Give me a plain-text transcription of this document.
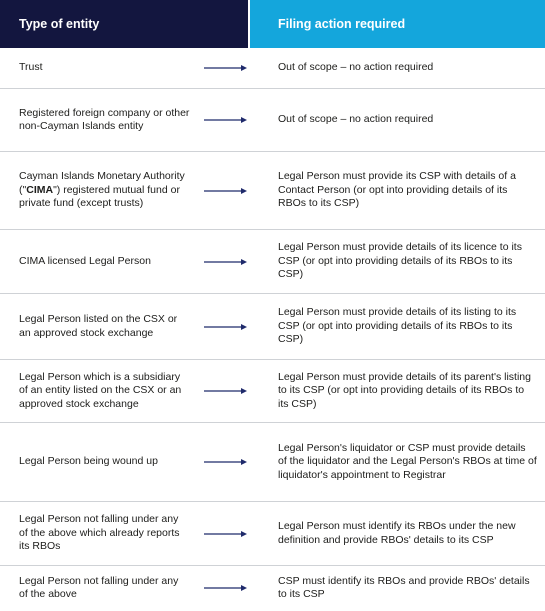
Type of entity	Filing action required
Trust	Out of scope – no action required
Registered foreign company or other non-Cayman Islands entity
Out of scope – no action required
Cayman Islands Monetary Authority ("CIMA") registered mutual fund or private fund (except trusts)
Legal Person must provide its CSP with details of a Contact Person (or opt into providing details of its RBOs to its CSP)
CIMA licensed Legal Person
Legal Person must provide details of its licence to its CSP (or opt into providing details of its RBOs to its CSP)
Legal Person listed on the CSX or an approved stock exchange
Legal Person must provide details of its listing to its CSP (or opt into providing details of its RBOs to its CSP)
Legal Person which is a subsidiary of an entity listed on the CSX or an approved stock exchange
Legal Person must provide details of its parent's listing to its CSP (or opt into providing details of its RBOs to its CSP)
Legal Person being wound up
Legal Person's liquidator or CSP must provide details of the liquidator and the Legal Person's RBOs at time of liquidator's appointment to Registrar
Legal Person not falling under any of the above which already reports its RBOs
Legal Person must identify its RBOs under the new definition and provide RBOs' details to its CSP
Legal Person not falling under any of the above
CSP must identify its RBOs and provide RBOs' details to its CSP
